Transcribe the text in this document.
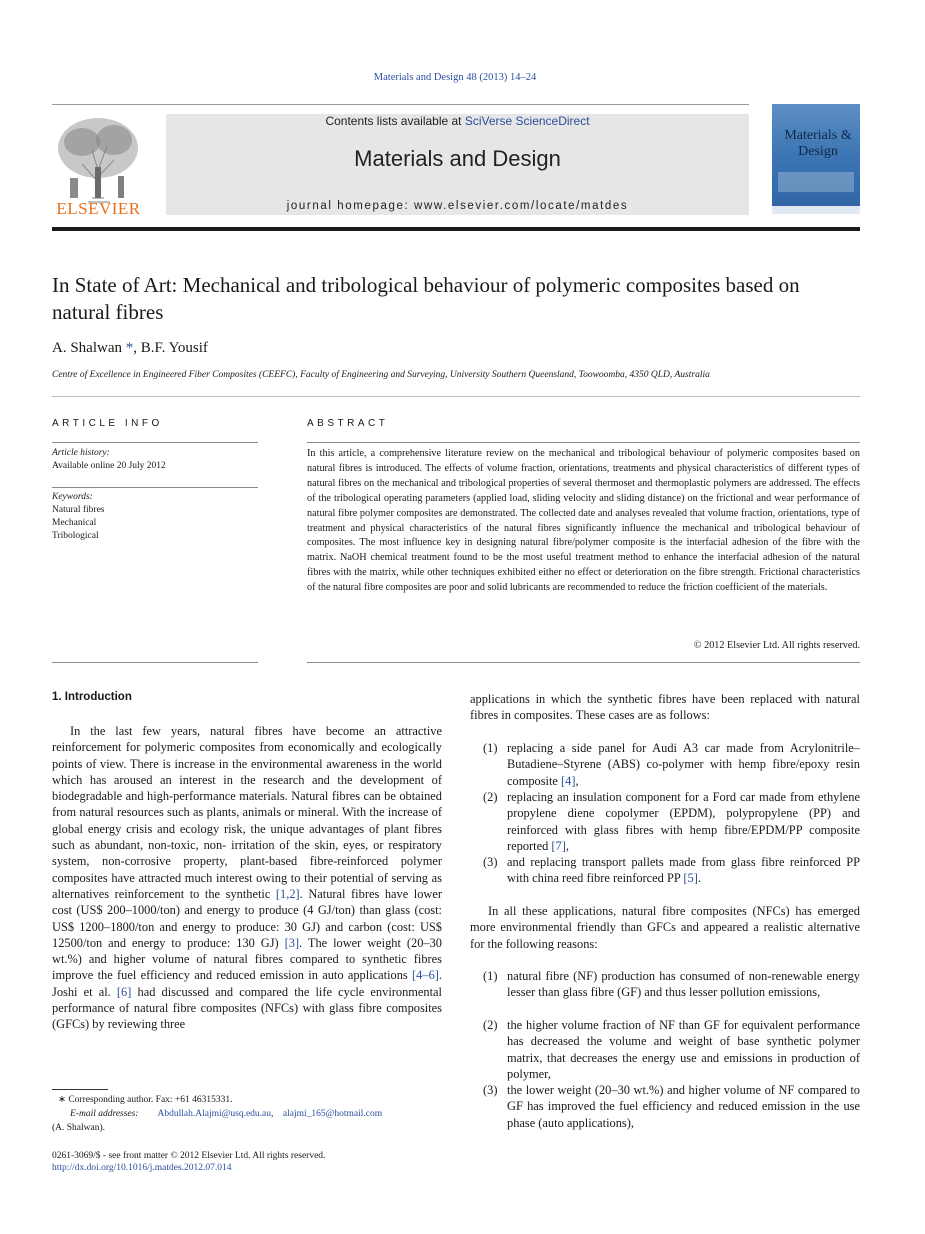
Materials and Design 48 (2013) 14–24
ELSEVIER
Contents lists available at SciVerse ScienceDirect
Materials and Design
journal homepage: www.elsevier.com/locate/matdes
Materials & Design
In State of Art: Mechanical and tribological behaviour of polymeric composites based on natural fibres
A. Shalwan *, B.F. Yousif
Centre of Excellence in Engineered Fiber Composites (CEEFC), Faculty of Engineering and Surveying, University Southern Queensland, Toowoomba, 4350 QLD, Australia
ARTICLE INFO	ABSTRACT
Article history:
Available online 20 July 2012
Keywords:
Natural fibres
Mechanical
Tribological
In this article, a comprehensive literature review on the mechanical and tribological behaviour of polymeric composites based on natural fibres is introduced. The effects of volume fraction, orientations, treatments and physical characteristics of different types of natural fibres on the mechanical and tribological properties of several thermoset and thermoplastic polymers are addressed. The effects of the tribological operating parameters (applied load, sliding velocity and sliding distance) on the frictional and wear performance of natural fibre polymer composites are demonstrated. The collected date and analyses revealed that volume fraction, orientations, type of treatment and physical characteristics of the natural fibres significantly influence the mechanical and tribological behaviour of composites. The most influence key in designing natural fibre/polymer composite is the interfacial adhesion of the fibre with the matrix. NaOH chemical treatment found to be the most useful treatment method to enhance the interfacial adhesion of the natural fibres with the matrix, while other techniques exhibited either no effect or deterioration on the fibre strength. Frictional characteristics of the natural fibre composites are poor and solid lubricants are recommended to reduce the friction coefficient of the materials.
© 2012 Elsevier Ltd. All rights reserved.
1. Introduction
In the last few years, natural fibres have become an attractive reinforcement for polymeric composites from economically and ecologically points of view. There is increase in the environmental awareness in the world which has aroused an interest in the research and the development of biodegradable and high-performance materials. Natural fibres can be obtained from natural resources such as plants, animals or mineral. With the increase of global energy crisis and ecology risk, the unique advantages of plant fibres such as abundant, non-toxic, non- irritation of the skin, eyes, or respiratory system, non-corrosive property, plant-based fibre-reinforced polymer composites have attracted much interest owing to their potential of serving as alternatives reinforcement to the synthetic [1,2]. Natural fibres have lower cost (US$ 200–1000/ton) and energy to produce (4 GJ/ton) than glass (cost: US$ 1200–1800/ton and energy to produce: 30 GJ) and carbon (cost: US$ 12500/ton and energy to produce: 130 GJ) [3]. The lower weight (20–30 wt.%) and higher volume of natural fibres compared to synthetic fibres improve the fuel efficiency and reduced emission in auto applications [4–6]. Joshi et al. [6] had discussed and compared the life cycle environmental performance of natural fibre composites (NFCs) with glass fibre composites (GFCs) by reviewing three
∗ Corresponding author. Fax: +61 46315331.
E-mail addresses: Abdullah.Alajmi@usq.edu.au,    alajmi_165@hotmail.com
(A. Shalwan).
0261-3069/$ - see front matter © 2012 Elsevier Ltd. All rights reserved.
http://dx.doi.org/10.1016/j.matdes.2012.07.014
applications in which the synthetic fibres have been replaced with natural fibres in composites. These cases are as follows:
(1) replacing a side panel for Audi A3 car made from Acrylonitrile–Butadiene–Styrene (ABS) co-polymer with hemp fibre/epoxy resin composite [4],
(2) replacing an insulation component for a Ford car made from ethylene propylene diene copolymer (EPDM), polypropylene (PP) and reinforced with glass fibres with hemp fibre/EPDM/PP composite reported [7],
(3) and replacing transport pallets made from glass fibre reinforced PP with china reed fibre reinforced PP [5].
In all these applications, natural fibre composites (NFCs) has emerged more environmental friendly than GFCs and appeared a realistic alternative for the following reasons:
(1) natural fibre (NF) production has consumed of non-renewable energy lesser than glass fibre (GF) and thus lesser pollution emissions,
(2) the higher volume fraction of NF than GF for equivalent performance has decreased the volume and weight of base synthetic polymer matrix, that decreases the energy use and emissions in production of polymer,
(3) the lower weight (20–30 wt.%) and higher volume of NF compared to GF has improved the fuel efficiency and reduced emission in the use phase (auto applications),
